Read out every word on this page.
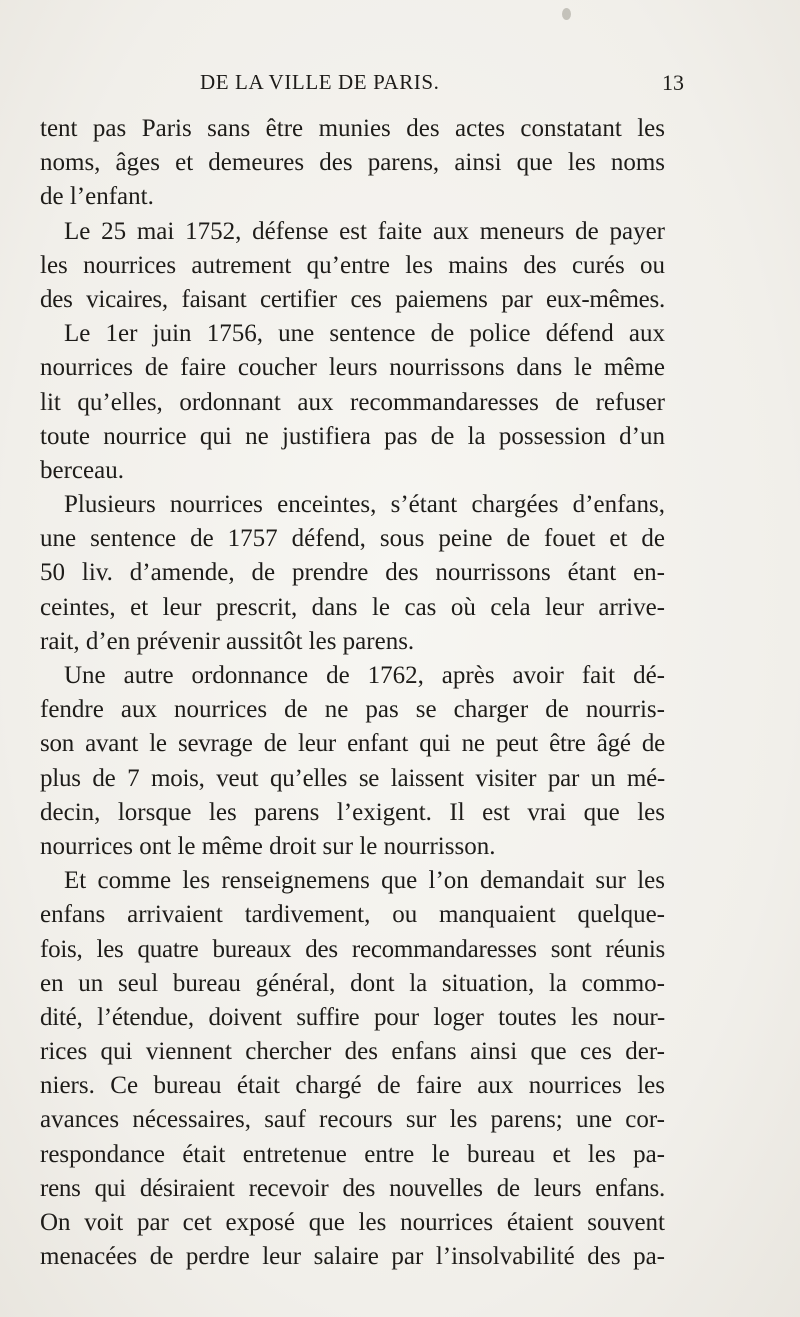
DE LA VILLE DE PARIS.	13
tent pas Paris sans être munies des actes constatant les
noms, âges et demeures des parens, ainsi que les noms
de l’enfant.
Le 25 mai 1752, défense est faite aux meneurs de payer
les nourrices autrement qu’entre les mains des curés ou
des vicaires, faisant certifier ces paiemens par eux-mêmes.
Le 1er juin 1756, une sentence de police défend aux
nourrices de faire coucher leurs nourrissons dans le même
lit qu’elles, ordonnant aux recommandaresses de refuser
toute nourrice qui ne justifiera pas de la possession d’un
berceau.
Plusieurs nourrices enceintes, s’étant chargées d’enfans,
une sentence de 1757 défend, sous peine de fouet et de
50 liv. d’amende, de prendre des nourrissons étant en-
ceintes, et leur prescrit, dans le cas où cela leur arrive-
rait, d’en prévenir aussitôt les parens.
Une autre ordonnance de 1762, après avoir fait dé-
fendre aux nourrices de ne pas se charger de nourris-
son avant le sevrage de leur enfant qui ne peut être âgé de
plus de 7 mois, veut qu’elles se laissent visiter par un mé-
decin, lorsque les parens l’exigent. Il est vrai que les
nourrices ont le même droit sur le nourrisson.
Et comme les renseignemens que l’on demandait sur les
enfans arrivaient tardivement, ou manquaient quelque-
fois, les quatre bureaux des recommandaresses sont réunis
en un seul bureau général, dont la situation, la commo-
dité, l’étendue, doivent suffire pour loger toutes les nour-
rices qui viennent chercher des enfans ainsi que ces der-
niers. Ce bureau était chargé de faire aux nourrices les
avances nécessaires, sauf recours sur les parens; une cor-
respondance était entretenue entre le bureau et les pa-
rens qui désiraient recevoir des nouvelles de leurs enfans.
On voit par cet exposé que les nourrices étaient souvent
menacées de perdre leur salaire par l’insolvabilité des pa-
